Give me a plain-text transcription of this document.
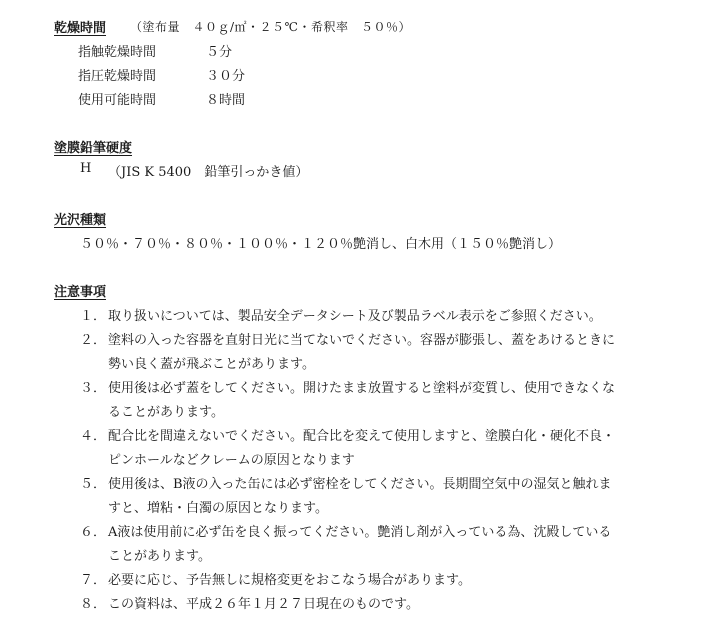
乾燥時間 （塗布量　４０ｇ/㎡・２５℃・希釈率　５０％）
指触乾燥時間	５分
指圧乾燥時間	３０分
使用可能時間	８時間
塗膜鉛筆硬度
H （JIS K 5400　鉛筆引っかき値）
光沢種類
５０％・７０％・８０％・１００％・１２０％艶消し、白木用（１５０％艶消し）
注意事項
１． 取り扱いについては、製品安全データシート及び製品ラベル表示をご参照ください。
２． 塗料の入った容器を直射日光に当てないでください。容器が膨張し、蓋をあけるときに
勢い良く蓋が飛ぶことがあります。
３． 使用後は必ず蓋をしてください。開けたまま放置すると塗料が変質し、使用できなくな
ることがあります。
４． 配合比を間違えないでください。配合比を変えて使用しますと、塗膜白化・硬化不良・
ピンホールなどクレームの原因となります
５． 使用後は、B液の入った缶には必ず密栓をしてください。長期間空気中の湿気と触れま
すと、増粘・白濁の原因となります。
６． A液は使用前に必ず缶を良く振ってください。艶消し剤が入っている為、沈殿している
ことがあります。
７． 必要に応じ、予告無しに規格変更をおこなう場合があります。
８． この資料は、平成２６年１月２７日現在のものです。
